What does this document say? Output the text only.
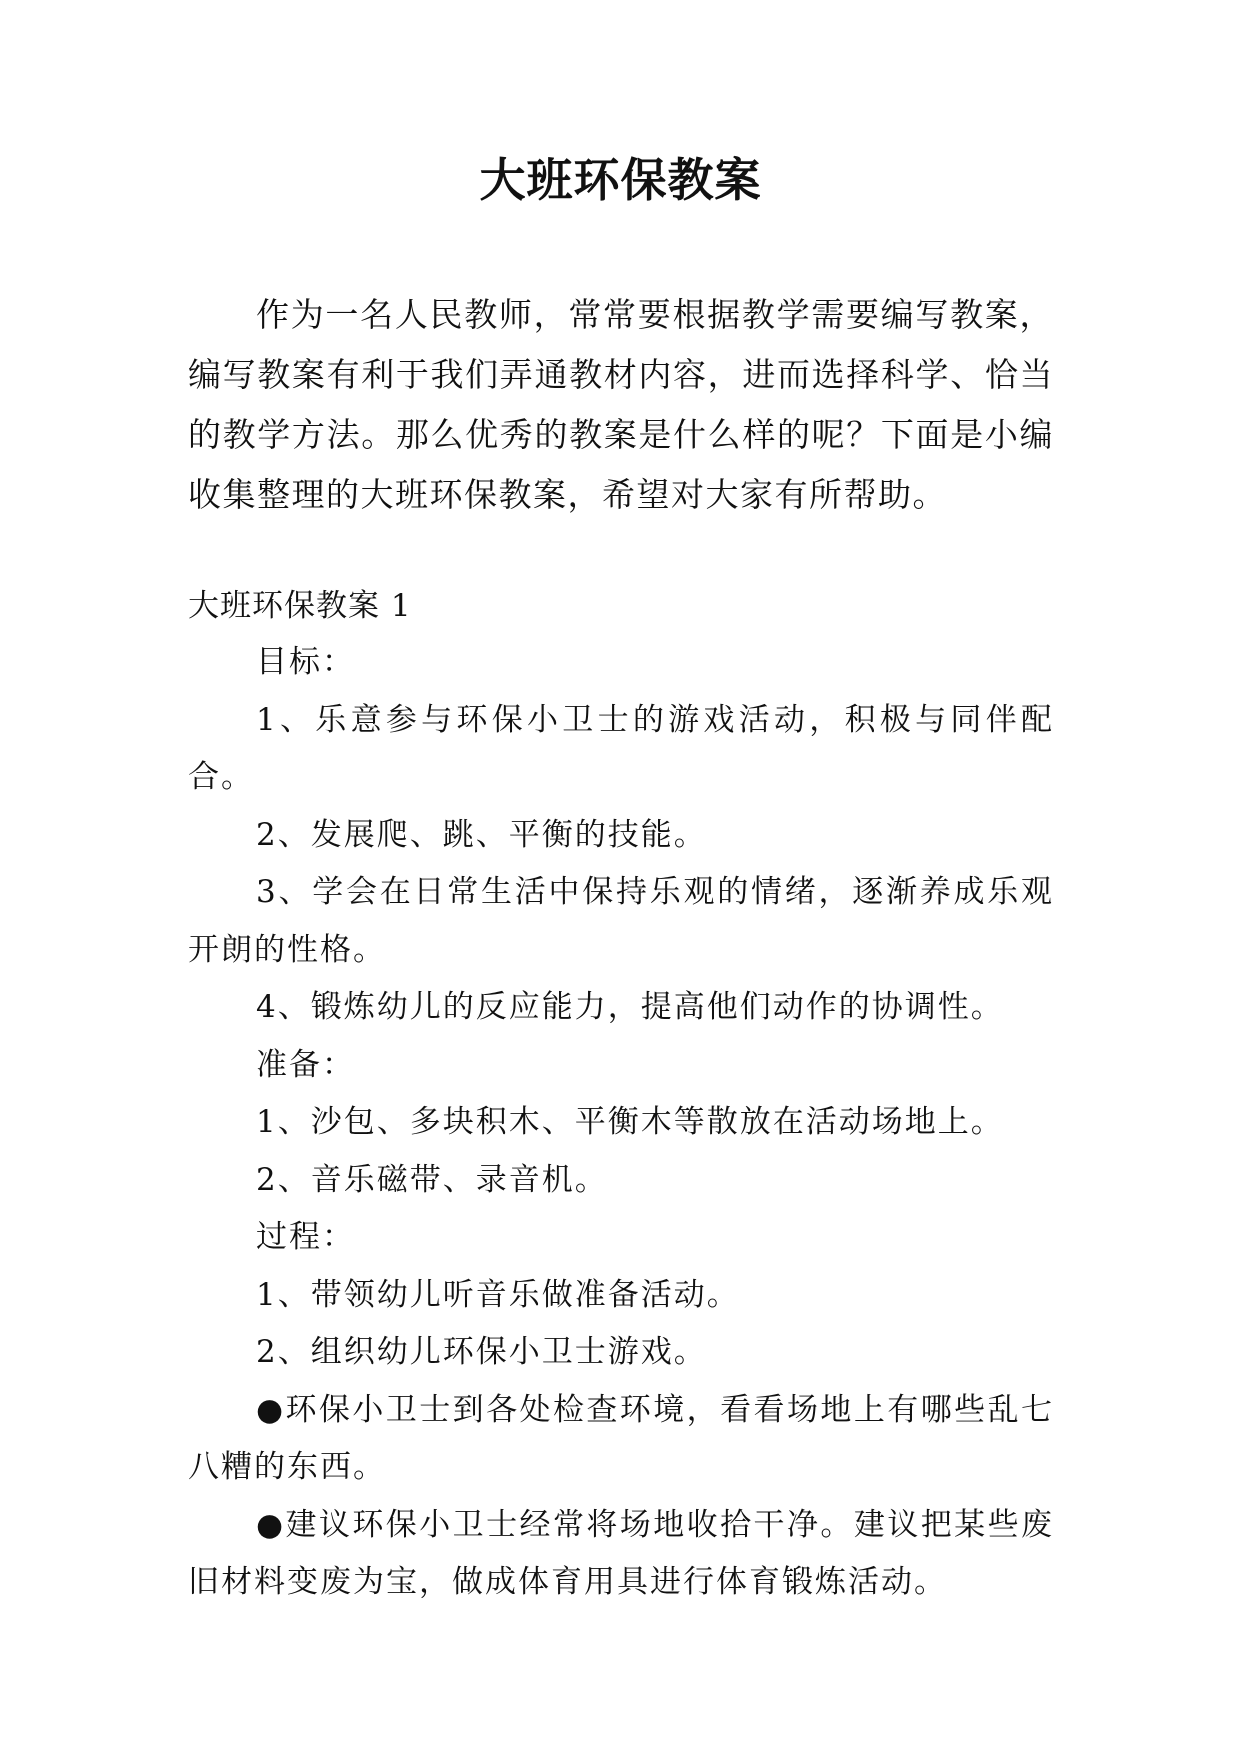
大班环保教案

作为一名人民教师，常常要根据教学需要编写教案，编写教案有利于我们弄通教材内容，进而选择科学、恰当的教学方法。那么优秀的教案是什么样的呢？下面是小编收集整理的大班环保教案，希望对大家有所帮助。

大班环保教案 1

目标：

1、乐意参与环保小卫士的游戏活动，积极与同伴配合。

2、发展爬、跳、平衡的技能。

3、学会在日常生活中保持乐观的情绪，逐渐养成乐观开朗的性格。

4、锻炼幼儿的反应能力，提高他们动作的协调性。

准备：

1、沙包、多块积木、平衡木等散放在活动场地上。

2、音乐磁带、录音机。

过程：

1、带领幼儿听音乐做准备活动。

2、组织幼儿环保小卫士游戏。

●环保小卫士到各处检查环境，看看场地上有哪些乱七八糟的东西。

●建议环保小卫士经常将场地收拾干净。建议把某些废旧材料变废为宝，做成体育用具进行体育锻炼活动。
